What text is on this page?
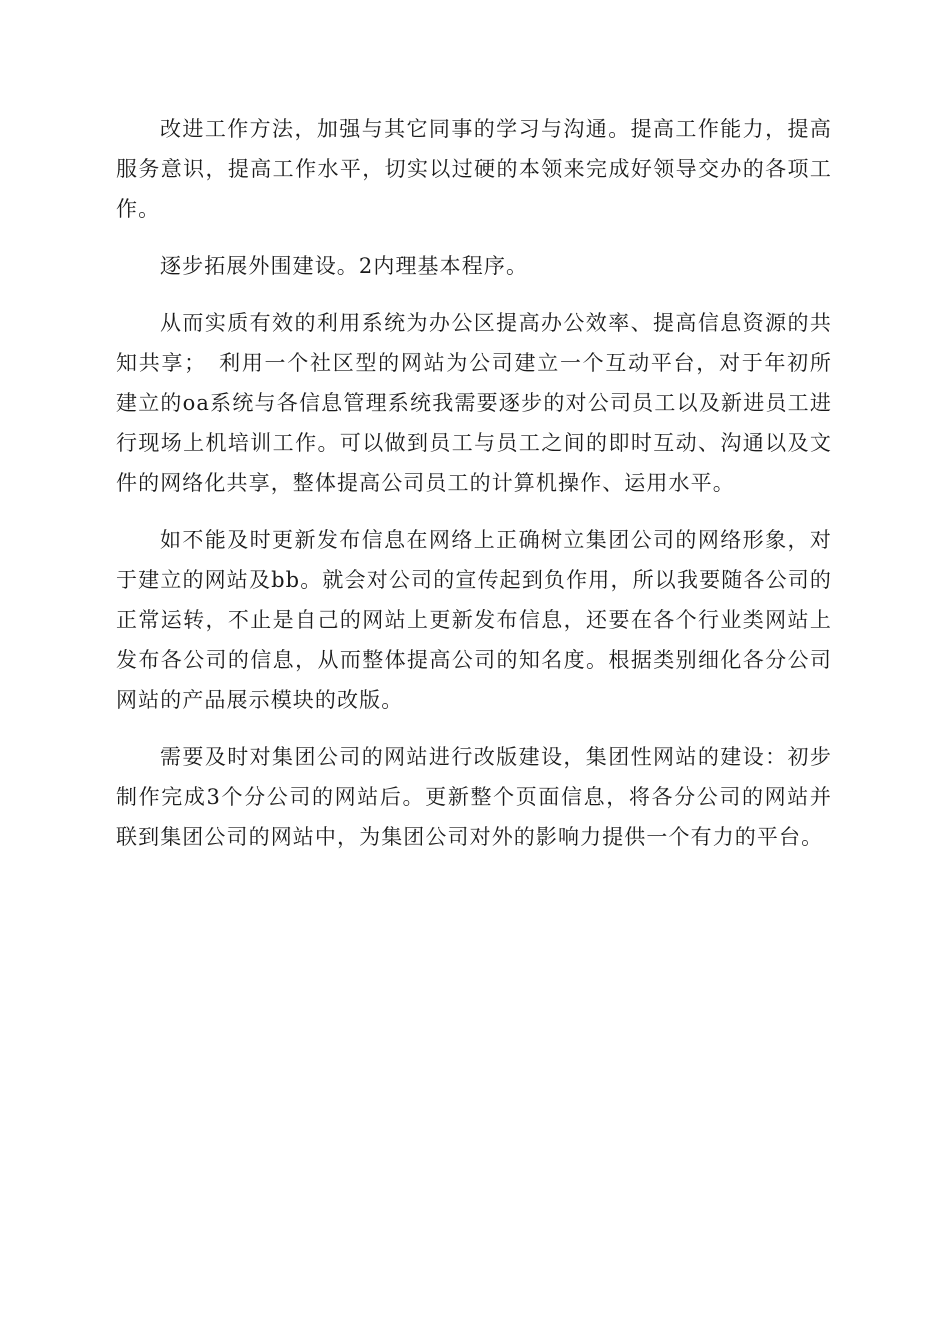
改进工作方法，加强与其它同事的学习与沟通。提高工作能力，提高服务意识，提高工作水平，切实以过硬的本领来完成好领导交办的各项工作。

逐步拓展外围建设。2内理基本程序。

从而实质有效的利用系统为办公区提高办公效率、提高信息资源的共知共享；　利用一个社区型的网站为公司建立一个互动平台，对于年初所建立的oa系统与各信息管理系统我需要逐步的对公司员工以及新进员工进行现场上机培训工作。可以做到员工与员工之间的即时互动、沟通以及文件的网络化共享，整体提高公司员工的计算机操作、运用水平。

如不能及时更新发布信息在网络上正确树立集团公司的网络形象，对于建立的网站及bb。就会对公司的宣传起到负作用，所以我要随各公司的正常运转，不止是自己的网站上更新发布信息，还要在各个行业类网站上发布各公司的信息，从而整体提高公司的知名度。根据类别细化各分公司网站的产品展示模块的改版。

需要及时对集团公司的网站进行改版建设，集团性网站的建设：初步制作完成3个分公司的网站后。更新整个页面信息，将各分公司的网站并联到集团公司的网站中，为集团公司对外的影响力提供一个有力的平台。
